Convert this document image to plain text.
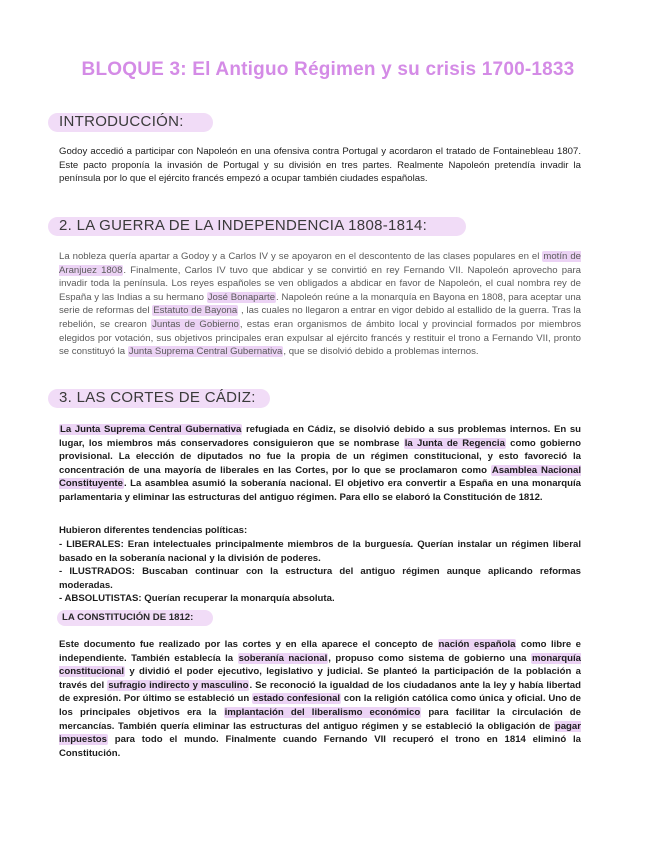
BLOQUE 3: El Antiguo Régimen y su crisis 1700-1833
INTRODUCCIÓN:

Godoy accedió a participar con Napoleón en una ofensiva contra Portugal y acordaron el tratado de Fontainebleau 1807. Este pacto proponía la invasión de Portugal y su división en tres partes. Realmente Napoleón pretendía invadir la península por lo que el ejército francés empezó a ocupar también ciudades españolas.

2. LA GUERRA DE LA INDEPENDENCIA 1808-1814:

La nobleza quería apartar a Godoy y a Carlos IV y se apoyaron en el descontento de las clases populares en el motín de Aranjuez 1808. Finalmente, Carlos IV tuvo que abdicar y se convirtió en rey Fernando VII. Napoleón aprovecho para invadir toda la península. Los reyes españoles se ven obligados a abdicar en favor de Napoleón, el cual nombra rey de España y las Indias a su hermano José Bonaparte. Napoleón reúne a la monarquía en Bayona en 1808, para aceptar una serie de reformas del Estatuto de Bayona , las cuales no llegaron a entrar en vigor debido al estallido de la guerra. Tras la rebelión, se crearon Juntas de Gobierno, estas eran organismos de ámbito local y provincial formados por miembros elegidos por votación, sus objetivos principales eran expulsar al ejército francés y restituir el trono a Fernando VII, pronto se constituyó la Junta Suprema Central Gubernativa, que se disolvió debido a problemas internos.

3. LAS CORTES DE CÁDIZ:

La Junta Suprema Central Gubernativa refugiada en Cádiz, se disolvió debido a sus problemas internos. En su lugar, los miembros más conservadores consiguieron que se nombrase la Junta de Regencia como gobierno provisional. La elección de diputados no fue la propia de un régimen constitucional, y esto favoreció la concentración de una mayoría de liberales en las Cortes, por lo que se proclamaron como Asamblea Nacional Constituyente. La asamblea asumió la soberanía nacional. El objetivo era convertir a España en una monarquía parlamentaria y eliminar las estructuras del antiguo régimen. Para ello se elaboró la Constitución de 1812.

Hubieron diferentes tendencias políticas:

- LIBERALES: Eran intelectuales principalmente miembros de la burguesía. Querían instalar un régimen liberal basado en la soberanía nacional y la división de poderes.
- ILUSTRADOS: Buscaban continuar con la estructura del antiguo régimen aunque aplicando reformas moderadas.
- ABSOLUTISTAS: Querían recuperar la monarquía absoluta.
LA CONSTITUCIÓN DE 1812:

Este documento fue realizado por las cortes y en ella aparece el concepto de nación española como libre e independiente. También establecía la soberanía nacional, propuso como sistema de gobierno una monarquía constitucional y dividió el poder ejecutivo, legislativo y judicial. Se planteó la participación de la población a través del sufragio indirecto y masculino. Se reconoció la igualdad de los ciudadanos ante la ley y había libertad de expresión. Por último se estableció un estado confesional con la religión católica como única y oficial. Uno de los principales objetivos era la implantación del liberalismo económico para facilitar la circulación de mercancías. También quería eliminar las estructuras del antiguo régimen y se estableció la obligación de pagar impuestos para todo el mundo. Finalmente cuando Fernando VII recuperó el trono en 1814 eliminó la Constitución.
